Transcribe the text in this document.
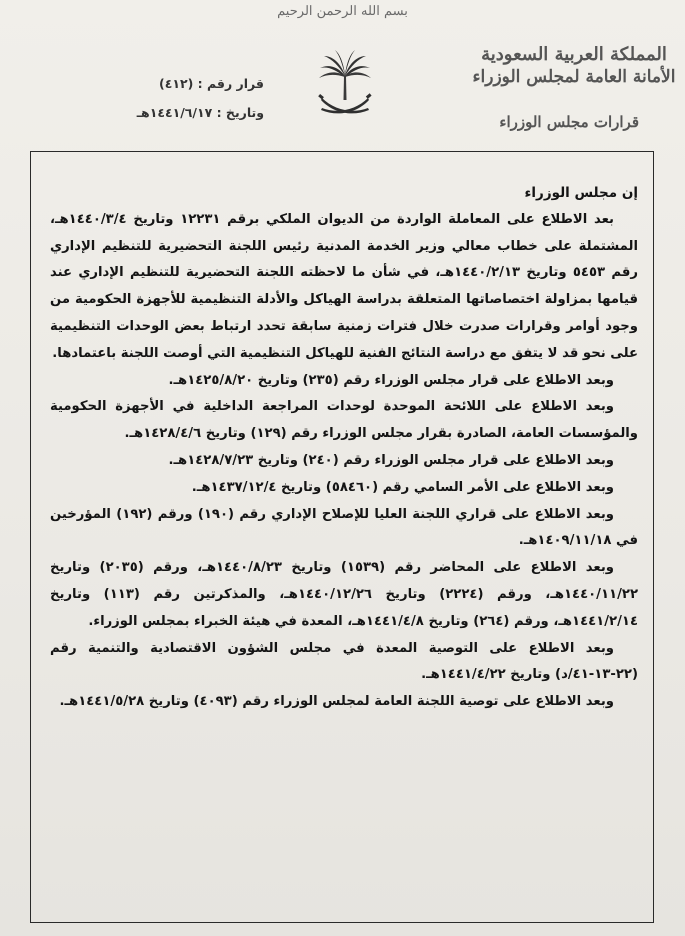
بسم الله الرحمن الرحيم
المملكة العربية السعودية
الأمانة العامة لمجلس الوزراء
قرارات مجلس الوزراء
قرار رقم : (٤١٢)
وتاريخ : ١٤٤١/٦/١٧هـ

إن مجلس الوزراء

بعد الاطلاع على المعاملة الواردة من الديوان الملكي برقم ١٢٢٣١ وتاريخ ١٤٤٠/٣/٤هـ، المشتملة على خطاب معالي وزير الخدمة المدنية رئيس اللجنة التحضيرية للتنظيم الإداري رقم ٥٤٥٣ وتاريخ ١٤٤٠/٢/١٣هـ، في شأن ما لاحظته اللجنة التحضيرية للتنظيم الإداري عند قيامها بمزاولة اختصاصاتها المتعلقة بدراسة الهياكل والأدلة التنظيمية للأجهزة الحكومية من وجود أوامر وقرارات صدرت خلال فترات زمنية سابقة تحدد ارتباط بعض الوحدات التنظيمية على نحو قد لا يتفق مع دراسة النتائج الفنية للهياكل التنظيمية التي أوصت اللجنة باعتمادها.

وبعد الاطلاع على قرار مجلس الوزراء رقم (٢٣٥) وتاريخ ١٤٢٥/٨/٢٠هـ.

وبعد الاطلاع على اللائحة الموحدة لوحدات المراجعة الداخلية في الأجهزة الحكومية والمؤسسات العامة، الصادرة بقرار مجلس الوزراء رقم (١٢٩) وتاريخ ١٤٢٨/٤/٦هـ.

وبعد الاطلاع على قرار مجلس الوزراء رقم (٢٤٠) وتاريخ ١٤٢٨/٧/٢٣هـ.

وبعد الاطلاع على الأمر السامي رقم (٥٨٤٦٠) وتاريخ ١٤٣٧/١٢/٤هـ.

وبعد الاطلاع على قراري اللجنة العليا للإصلاح الإداري رقم (١٩٠) ورقم (١٩٢) المؤرخين في ١٤٠٩/١١/١٨هـ.

وبعد الاطلاع على المحاضر رقم (١٥٣٩) وتاريخ ١٤٤٠/٨/٢٣هـ، ورقم (٢٠٣٥) وتاريخ ١٤٤٠/١١/٢٢هـ، ورقم (٢٢٢٤) وتاريخ ١٤٤٠/١٢/٢٦هـ، والمذكرتين رقم (١١٣) وتاريخ ١٤٤١/٢/١٤هـ، ورقم (٢٦٤) وتاريخ ١٤٤١/٤/٨هـ، المعدة في هيئة الخبراء بمجلس الوزراء.

وبعد الاطلاع على التوصية المعدة في مجلس الشؤون الاقتصادية والتنمية رقم (٢٢-١٣-٤١/د) وتاريخ ١٤٤١/٤/٢٢هـ.

وبعد الاطلاع على توصية اللجنة العامة لمجلس الوزراء رقم (٤٠٩٣) وتاريخ ١٤٤١/٥/٢٨هـ.
